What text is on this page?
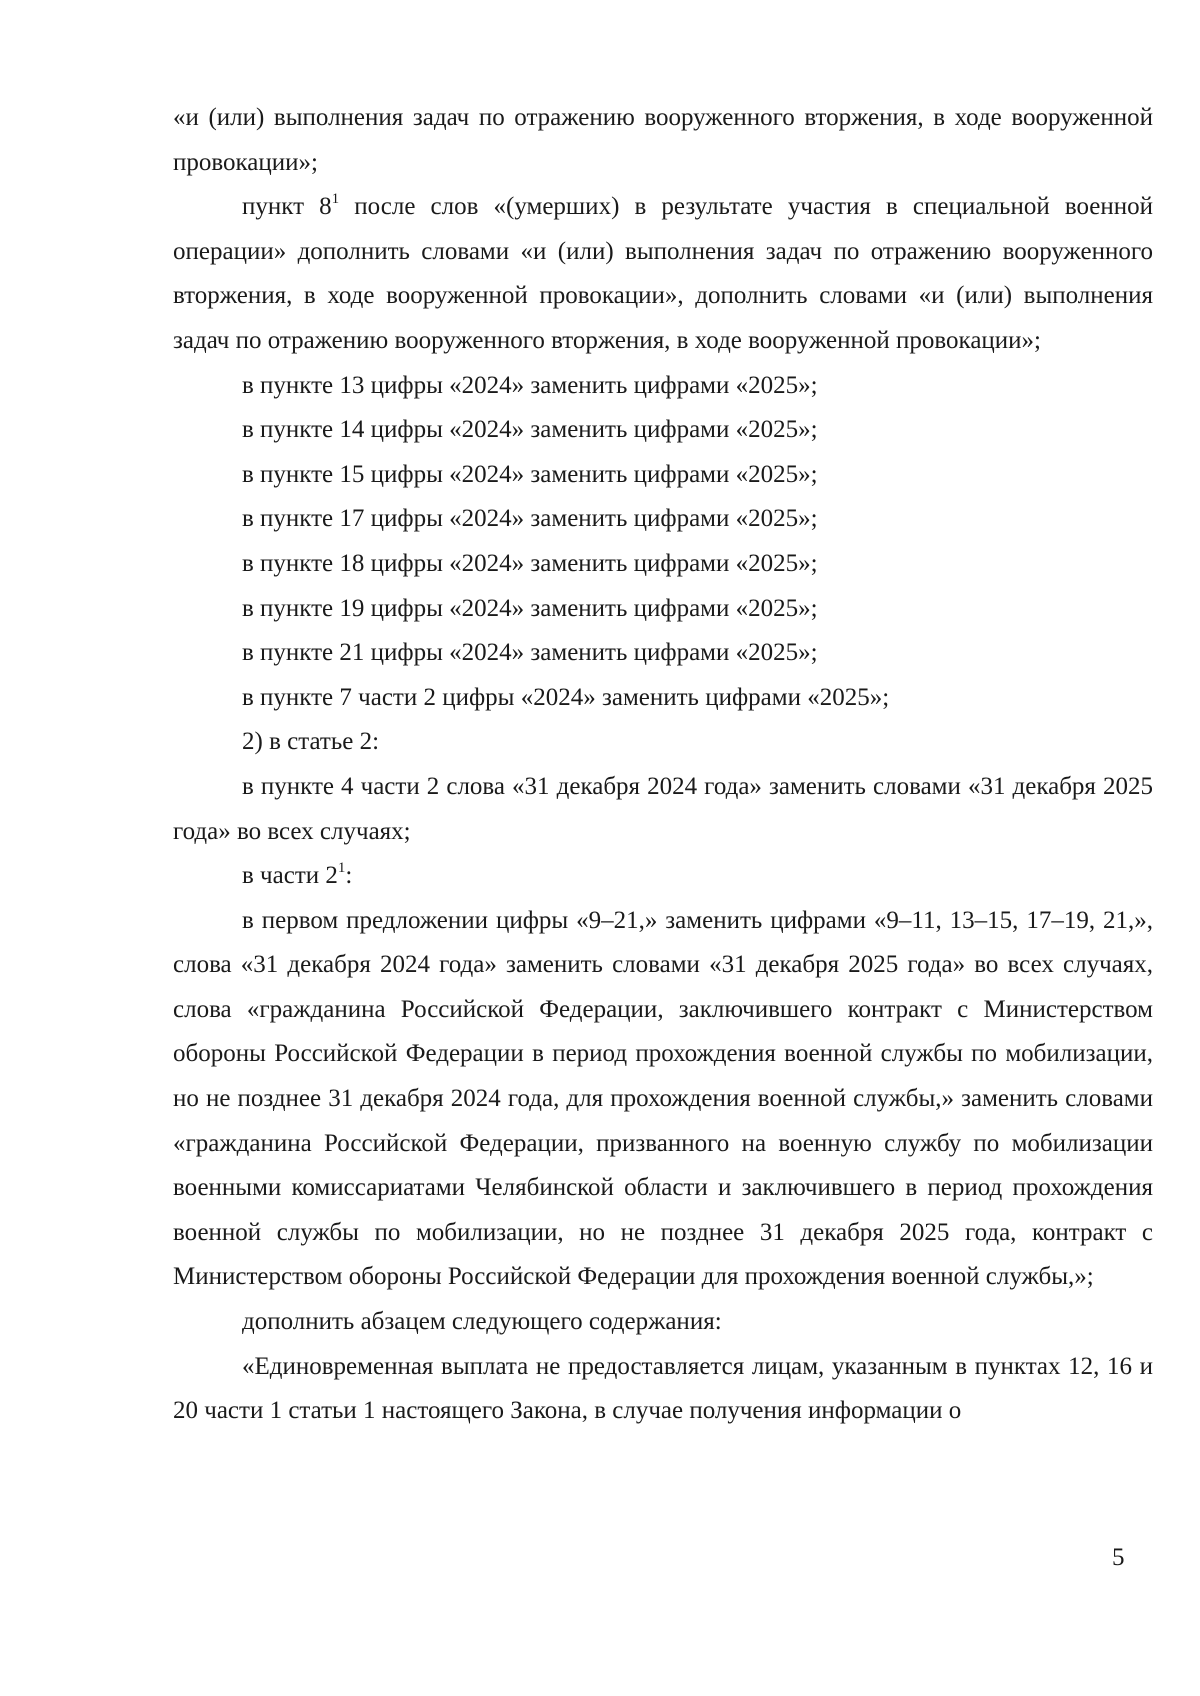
«и (или) выполнения задач по отражению вооруженного вторжения, в ходе вооруженной провокации»;

пункт $8^1$ после слов «(умерших) в результате участия в специальной военной операции» дополнить словами «и (или) выполнения задач по отражению вооруженного вторжения, в ходе вооруженной провокации», дополнить словами «и (или) выполнения задач по отражению вооруженного вторжения, в ходе вооруженной провокации»;

в пункте 13 цифры «2024» заменить цифрами «2025»;

в пункте 14 цифры «2024» заменить цифрами «2025»;

в пункте 15 цифры «2024» заменить цифрами «2025»;

в пункте 17 цифры «2024» заменить цифрами «2025»;

в пункте 18 цифры «2024» заменить цифрами «2025»;

в пункте 19 цифры «2024» заменить цифрами «2025»;

в пункте 21 цифры «2024» заменить цифрами «2025»;

в пункте 7 части 2 цифры «2024» заменить цифрами «2025»;

2) в статье 2:

в пункте 4 части 2 слова «31 декабря 2024 года» заменить словами «31 декабря 2025 года» во всех случаях;

в части $2^1$:

в первом предложении цифры «9–21,» заменить цифрами «9–11, 13–15, 17–19, 21,», слова «31 декабря 2024 года» заменить словами «31 декабря 2025 года» во всех случаях, слова «гражданина Российской Федерации, заключившего контракт с Министерством обороны Российской Федерации в период прохождения военной службы по мобилизации, но не позднее 31 декабря 2024 года, для прохождения военной службы,» заменить словами «гражданина Российской Федерации, призванного на военную службу по мобилизации военными комиссариатами Челябинской области и заключившего в период прохождения военной службы по мобилизации, но не позднее 31 декабря 2025 года, контракт с Министерством обороны Российской Федерации для прохождения военной службы,»;

дополнить абзацем следующего содержания:

«Единовременная выплата не предоставляется лицам, указанным в пунктах 12, 16 и 20 части 1 статьи 1 настоящего Закона, в случае получения информации о

5
